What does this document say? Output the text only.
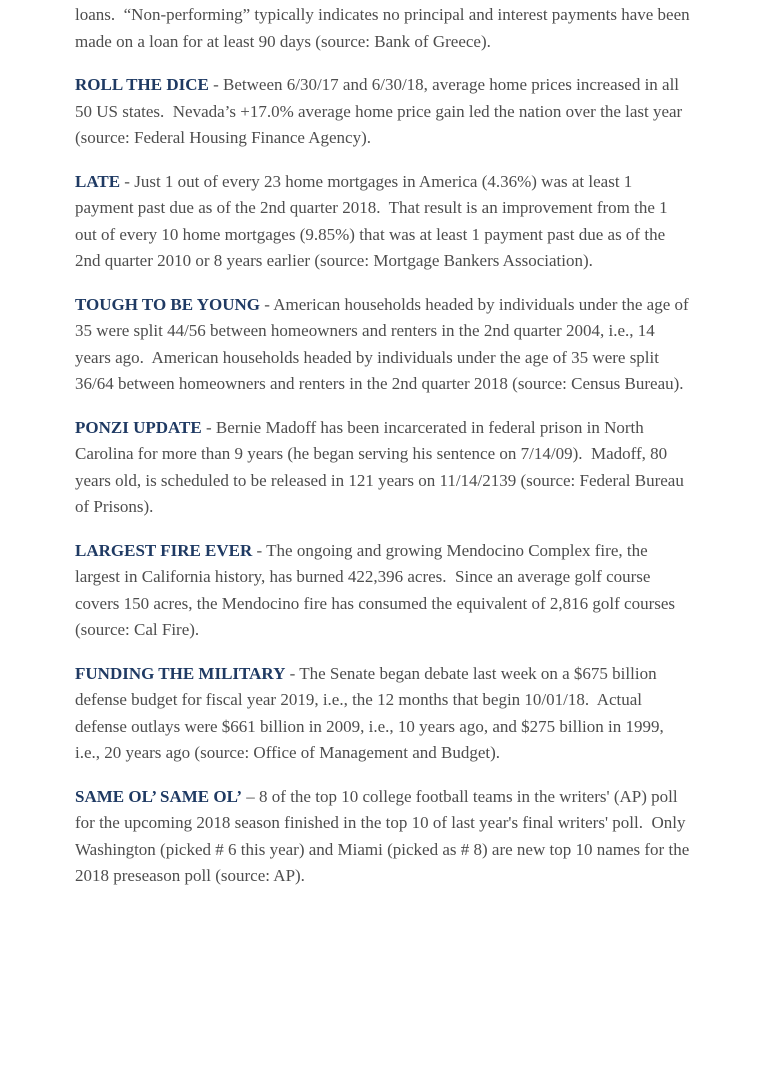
loans.  “Non-performing” typically indicates no principal and interest payments have been made on a loan for at least 90 days (source: Bank of Greece).

ROLL THE DICE - Between 6/30/17 and 6/30/18, average home prices increased in all 50 US states.  Nevada’s +17.0% average home price gain led the nation over the last year (source: Federal Housing Finance Agency).

LATE - Just 1 out of every 23 home mortgages in America (4.36%) was at least 1 payment past due as of the 2nd quarter 2018.  That result is an improvement from the 1 out of every 10 home mortgages (9.85%) that was at least 1 payment past due as of the 2nd quarter 2010 or 8 years earlier (source: Mortgage Bankers Association).

TOUGH TO BE YOUNG - American households headed by individuals under the age of 35 were split 44/56 between homeowners and renters in the 2nd quarter 2004, i.e., 14 years ago.  American households headed by individuals under the age of 35 were split 36/64 between homeowners and renters in the 2nd quarter 2018 (source: Census Bureau).

PONZI UPDATE - Bernie Madoff has been incarcerated in federal prison in North Carolina for more than 9 years (he began serving his sentence on 7/14/09).  Madoff, 80 years old, is scheduled to be released in 121 years on 11/14/2139 (source: Federal Bureau of Prisons).

LARGEST FIRE EVER - The ongoing and growing Mendocino Complex fire, the largest in California history, has burned 422,396 acres.  Since an average golf course covers 150 acres, the Mendocino fire has consumed the equivalent of 2,816 golf courses (source: Cal Fire).

FUNDING THE MILITARY - The Senate began debate last week on a $675 billion defense budget for fiscal year 2019, i.e., the 12 months that begin 10/01/18.  Actual defense outlays were $661 billion in 2009, i.e., 10 years ago, and $275 billion in 1999, i.e., 20 years ago (source: Office of Management and Budget).

SAME OL’ SAME OL’ – 8 of the top 10 college football teams in the writers' (AP) poll for the upcoming 2018 season finished in the top 10 of last year's final writers' poll.  Only Washington (picked # 6 this year) and Miami (picked as # 8) are new top 10 names for the 2018 preseason poll (source: AP).
